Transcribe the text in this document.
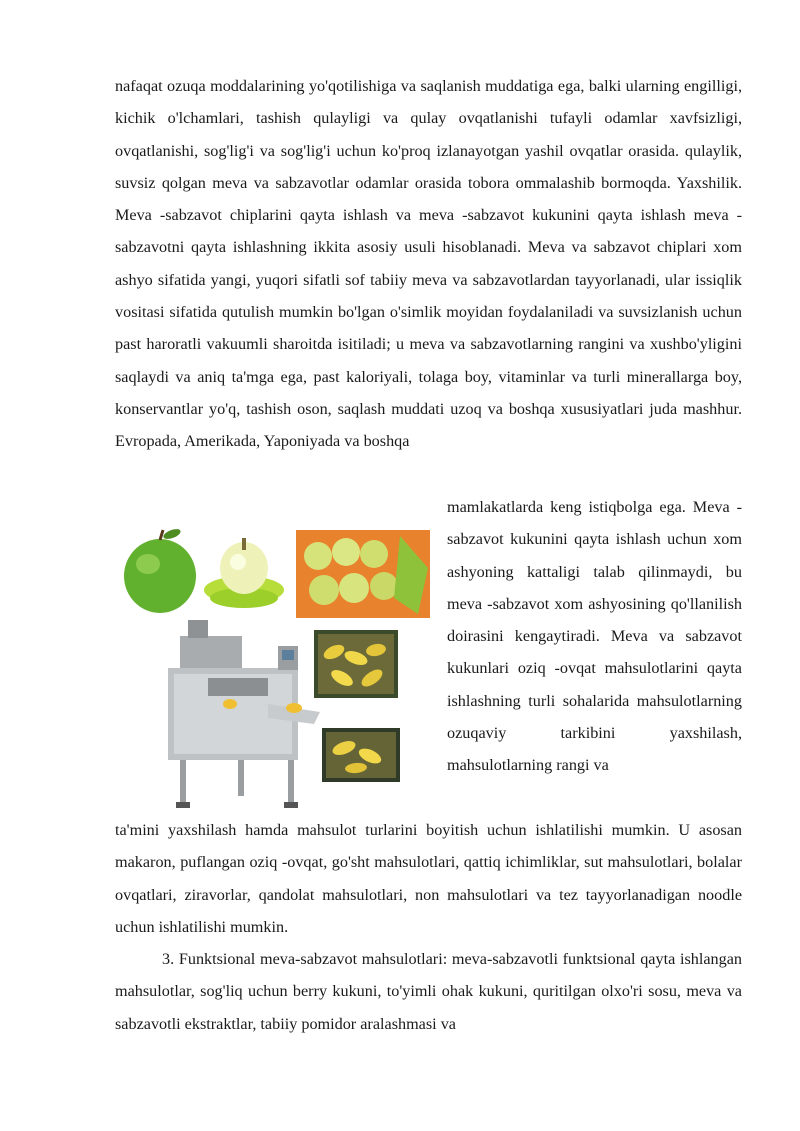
nafaqat ozuqa moddalarining yo'qotilishiga va saqlanish muddatiga ega, balki ularning engilligi, kichik o'lchamlari, tashish qulayligi va qulay ovqatlanishi tufayli odamlar xavfsizligi, ovqatlanishi, sog'lig'i va sog'lig'i uchun ko'proq izlanayotgan yashil ovqatlar orasida. qulaylik, suvsiz qolgan meva va sabzavotlar odamlar orasida tobora ommalashib bormoqda. Yaxshilik. Meva -sabzavot chiplarini qayta ishlash va meva -sabzavot kukunini qayta ishlash meva -sabzavotni qayta ishlashning ikkita asosiy usuli hisoblanadi. Meva va sabzavot chiplari xom ashyo sifatida yangi, yuqori sifatli sof tabiiy meva va sabzavotlardan tayyorlanadi, ular issiqlik vositasi sifatida qutulish mumkin bo'lgan o'simlik moyidan foydalaniladi va suvsizlanish uchun past haroratli vakuumli sharoitda isitiladi; u meva va sabzavotlarning rangini va xushbo'yligini saqlaydi va aniq ta'mga ega, past kaloriyali, tolaga boy, vitaminlar va turli minerallarga boy, konservantlar yo'q, tashish oson, saqlash muddati uzoq va boshqa xususiyatlari juda mashhur. Evropada, Amerikada, Yaponiyada va boshqa

mamlakatlarda keng istiqbolga ega. Meva -sabzavot kukunini qayta ishlash uchun xom ashyoning kattaligi talab qilinmaydi, bu meva -sabzavot xom ashyosining qo'llanilish doirasini kengaytiradi. Meva va sabzavot kukunlari oziq -ovqat mahsulotlarini qayta ishlashning turli sohalarida mahsulotlarning ozuqaviy tarkibini yaxshilash, mahsulotlarning rangi va

ta'mini yaxshilash hamda mahsulot turlarini boyitish uchun ishlatilishi mumkin. U asosan makaron, puflangan oziq -ovqat, go'sht mahsulotlari, qattiq ichimliklar, sut mahsulotlari, bolalar ovqatlari, ziravorlar, qandolat mahsulotlari, non mahsulotlari va tez tayyorlanadigan noodle uchun ishlatilishi mumkin.

3. Funktsional meva-sabzavot mahsulotlari: meva-sabzavotli funktsional qayta ishlangan mahsulotlar, sog'liq uchun berry kukuni, to'yimli ohak kukuni, quritilgan olxo'ri sosu, meva va sabzavotli ekstraktlar, tabiiy pomidor aralashmasi va
